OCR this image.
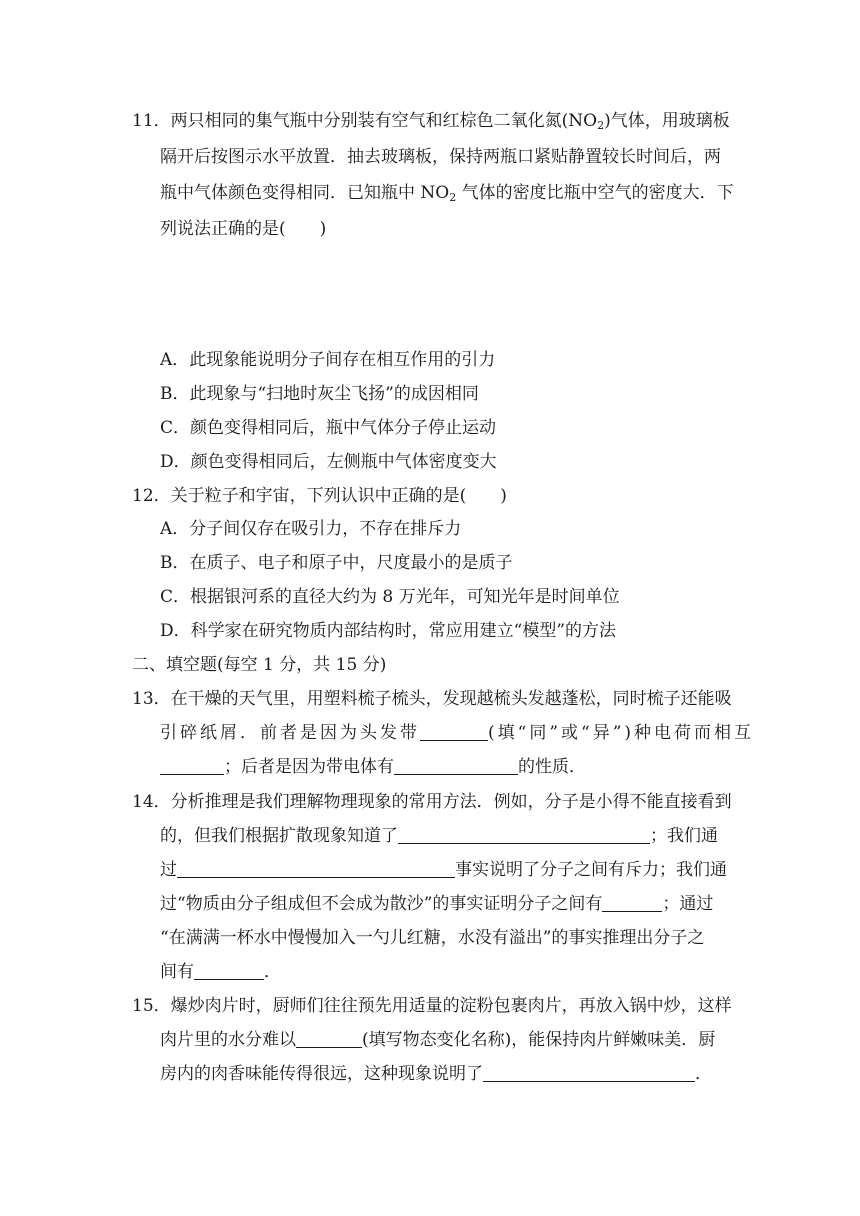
11．两只相同的集气瓶中分别装有空气和红棕色二氧化氮$(NO_2)$气体，用玻璃板
隔开后按图示水平放置．抽去玻璃板，保持两瓶口紧贴静置较长时间后，两
瓶中气体颜色变得相同．已知瓶中 $NO_2$ 气体的密度比瓶中空气的密度大．下
列说法正确的是( )
A．此现象能说明分子间存在相互作用的引力
B．此现象与“扫地时灰尘飞扬”的成因相同
C．颜色变得相同后，瓶中气体分子停止运动
D．颜色变得相同后，左侧瓶中气体密度变大
12．关于粒子和宇宙，下列认识中正确的是( )
A．分子间仅存在吸引力，不存在排斥力
B．在质子、电子和原子中，尺度最小的是质子
C．根据银河系的直径大约为 8 万光年，可知光年是时间单位
D．科学家在研究物质内部结构时，常应用建立“模型”的方法
二、填空题(每空 1 分，共 15 分)
13．在干燥的天气里，用塑料梳子梳头，发现越梳头发越蓬松，同时梳子还能吸
引碎纸屑．前者是因为头发带	(填“同”或“异”)种电荷而相互
；后者是因为带电体有	的性质．
14．分析推理是我们理解物理现象的常用方法．例如，分子是小得不能直接看到
的，但我们根据扩散现象知道了	；我们通
过	事实说明了分子之间有斥力；我们通
过“物质由分子组成但不会成为散沙”的事实证明分子之间有	；通过
“在满满一杯水中慢慢加入一勺儿红糖，水没有溢出”的事实推理出分子之
间有	．
15．爆炒肉片时，厨师们往往预先用适量的淀粉包裹肉片，再放入锅中炒，这样
肉片里的水分难以	(填写物态变化名称)，能保持肉片鲜嫩味美．厨
房内的肉香味能传得很远，这种现象说明了	．
